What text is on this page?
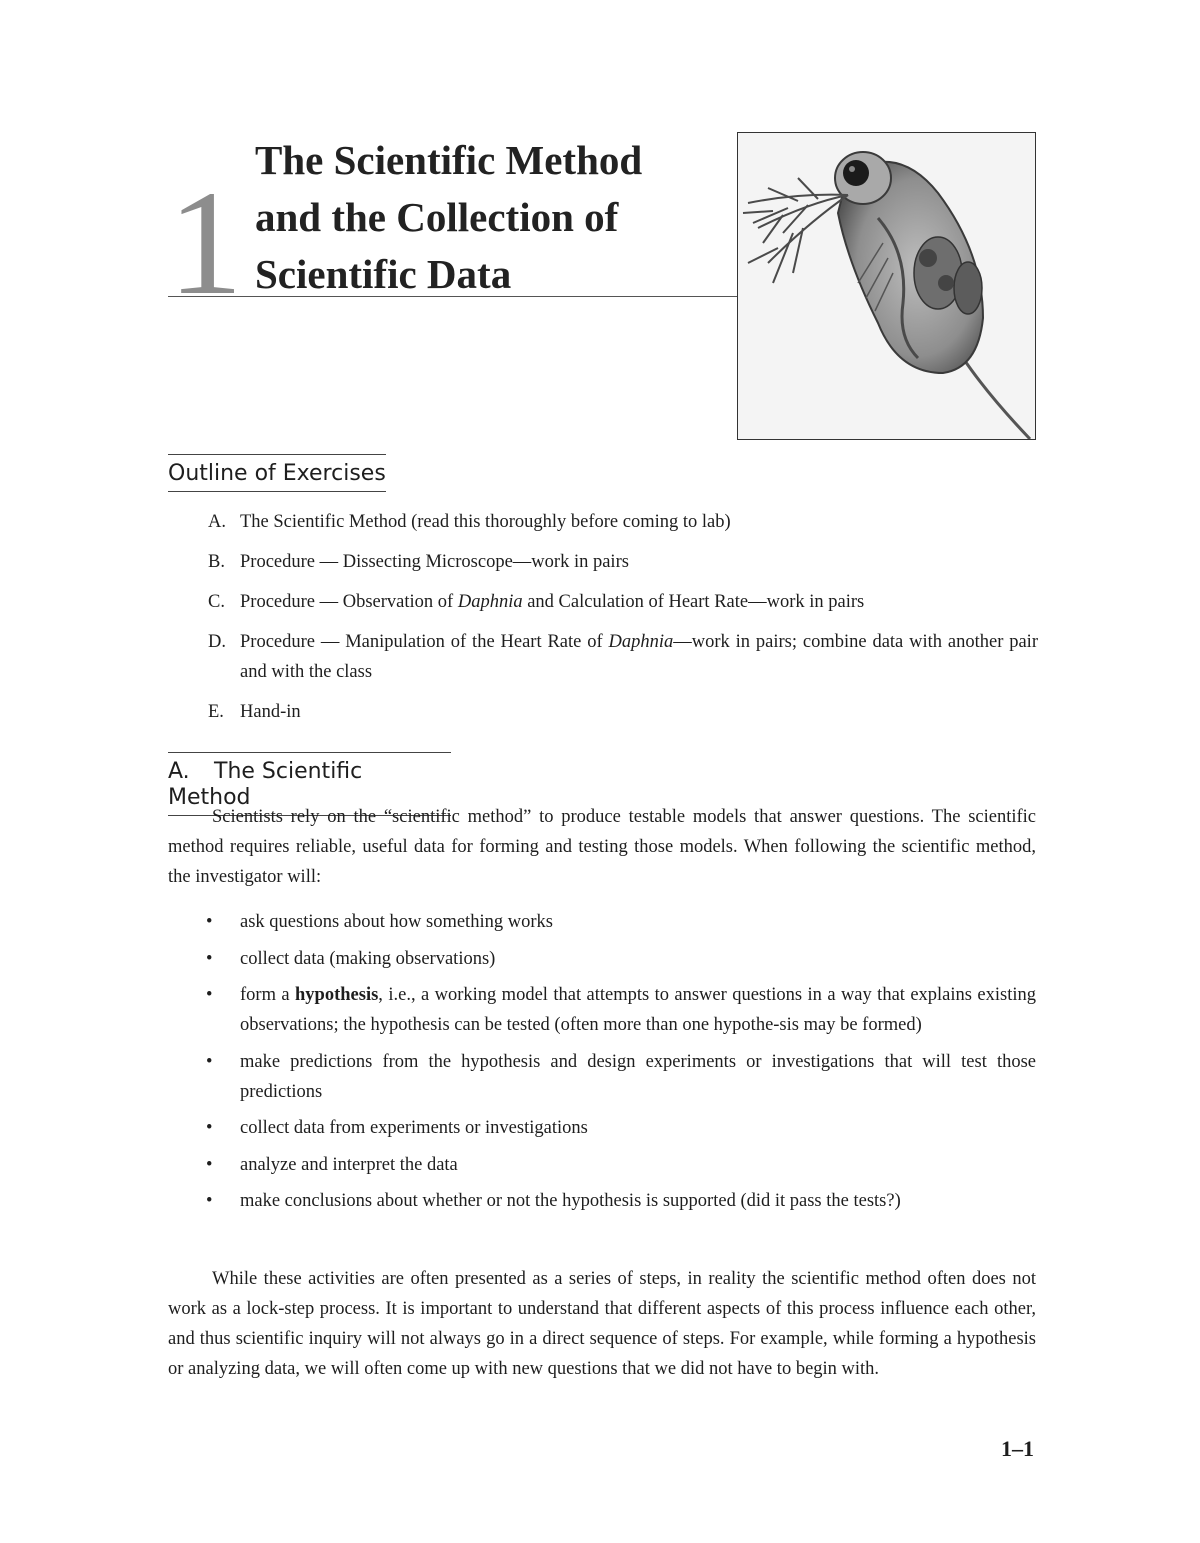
1 The Scientific Method
and the Collection of
Scientific Data
Outline of Exercises
A. The Scientific Method (read this thoroughly before coming to lab)
B. Procedure — Dissecting Microscope—work in pairs
C. Procedure — Observation of Daphnia and Calculation of Heart Rate—work in pairs
D. Procedure — Manipulation of the Heart Rate of Daphnia—work in pairs; combine data with another pair and with the class
E. Hand-in
A. The Scientific Method

Scientists rely on the “scientific method” to produce testable models that answer questions. The scientific method requires reliable, useful data for forming and testing those models. When following the scientific method, the investigator will:

• ask questions about how something works
• collect data (making observations)
• form a hypothesis, i.e., a working model that attempts to answer questions in a way that explains existing observations; the hypothesis can be tested (often more than one hypothe-sis may be formed)
• make predictions from the hypothesis and design experiments or investigations that will test those predictions
• collect data from experiments or investigations
• analyze and interpret the data
• make conclusions about whether or not the hypothesis is supported (did it pass the tests?)

While these activities are often presented as a series of steps, in reality the scientific method often does not work as a lock-step process. It is important to understand that different aspects of this process influence each other, and thus scientific inquiry will not always go in a direct sequence of steps. For example, while forming a hypothesis or analyzing data, we will often come up with new questions that we did not have to begin with.

1–1
